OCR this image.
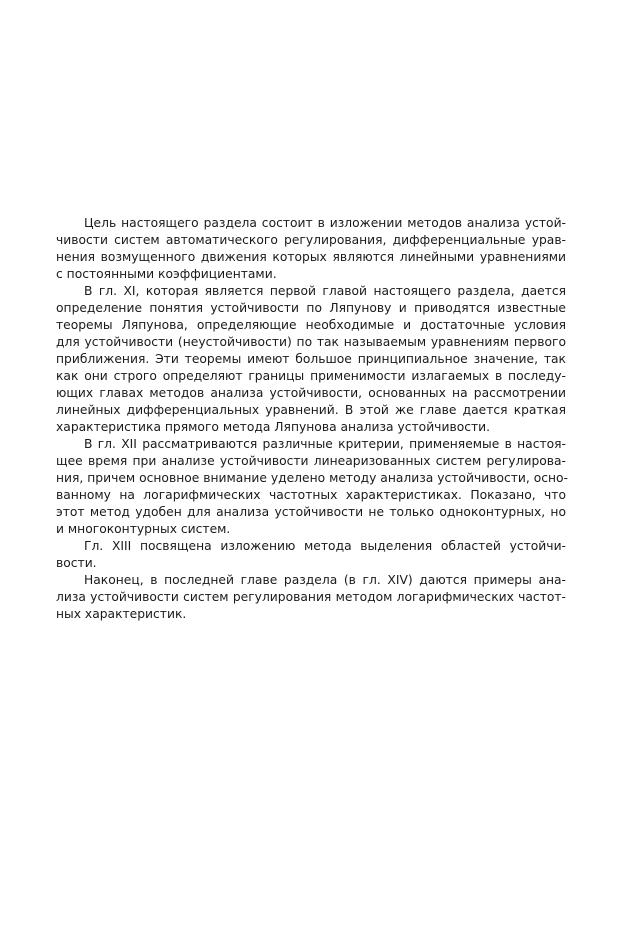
Цель настоящего раздела состоит в изложении методов анализа устой-
чивости систем автоматического регулирования, дифференциальные урав-
нения возмущенного движения которых являются линейными уравнениями
с постоянными коэффициентами.
В гл. XI, которая является первой главой настоящего раздела, дается
определение понятия устойчивости по Ляпунову и приводятся известные
теоремы Ляпунова, определяющие необходимые и достаточные условия
для устойчивости (неустойчивости) по так называемым уравнениям первого
приближения. Эти теоремы имеют большое принципиальное значение, так
как они строго определяют границы применимости излагаемых в последу-
ющих главах методов анализа устойчивости, основанных на рассмотрении
линейных дифференциальных уравнений. В этой же главе дается краткая
характеристика прямого метода Ляпунова анализа устойчивости.
В гл. XII рассматриваются различные критерии, применяемые в настоя-
щее время при анализе устойчивости линеаризованных систем регулирова-
ния, причем основное внимание уделено методу анализа устойчивости, осно-
ванному на логарифмических частотных характеристиках. Показано, что
этот метод удобен для анализа устойчивости не только одноконтурных, но
и многоконтурных систем.
Гл. XIII посвящена изложению метода выделения областей устойчи-
вости.
Наконец, в последней главе раздела (в гл. XIV) даются примеры ана-
лиза устойчивости систем регулирования методом логарифмических частот-
ных характеристик.
